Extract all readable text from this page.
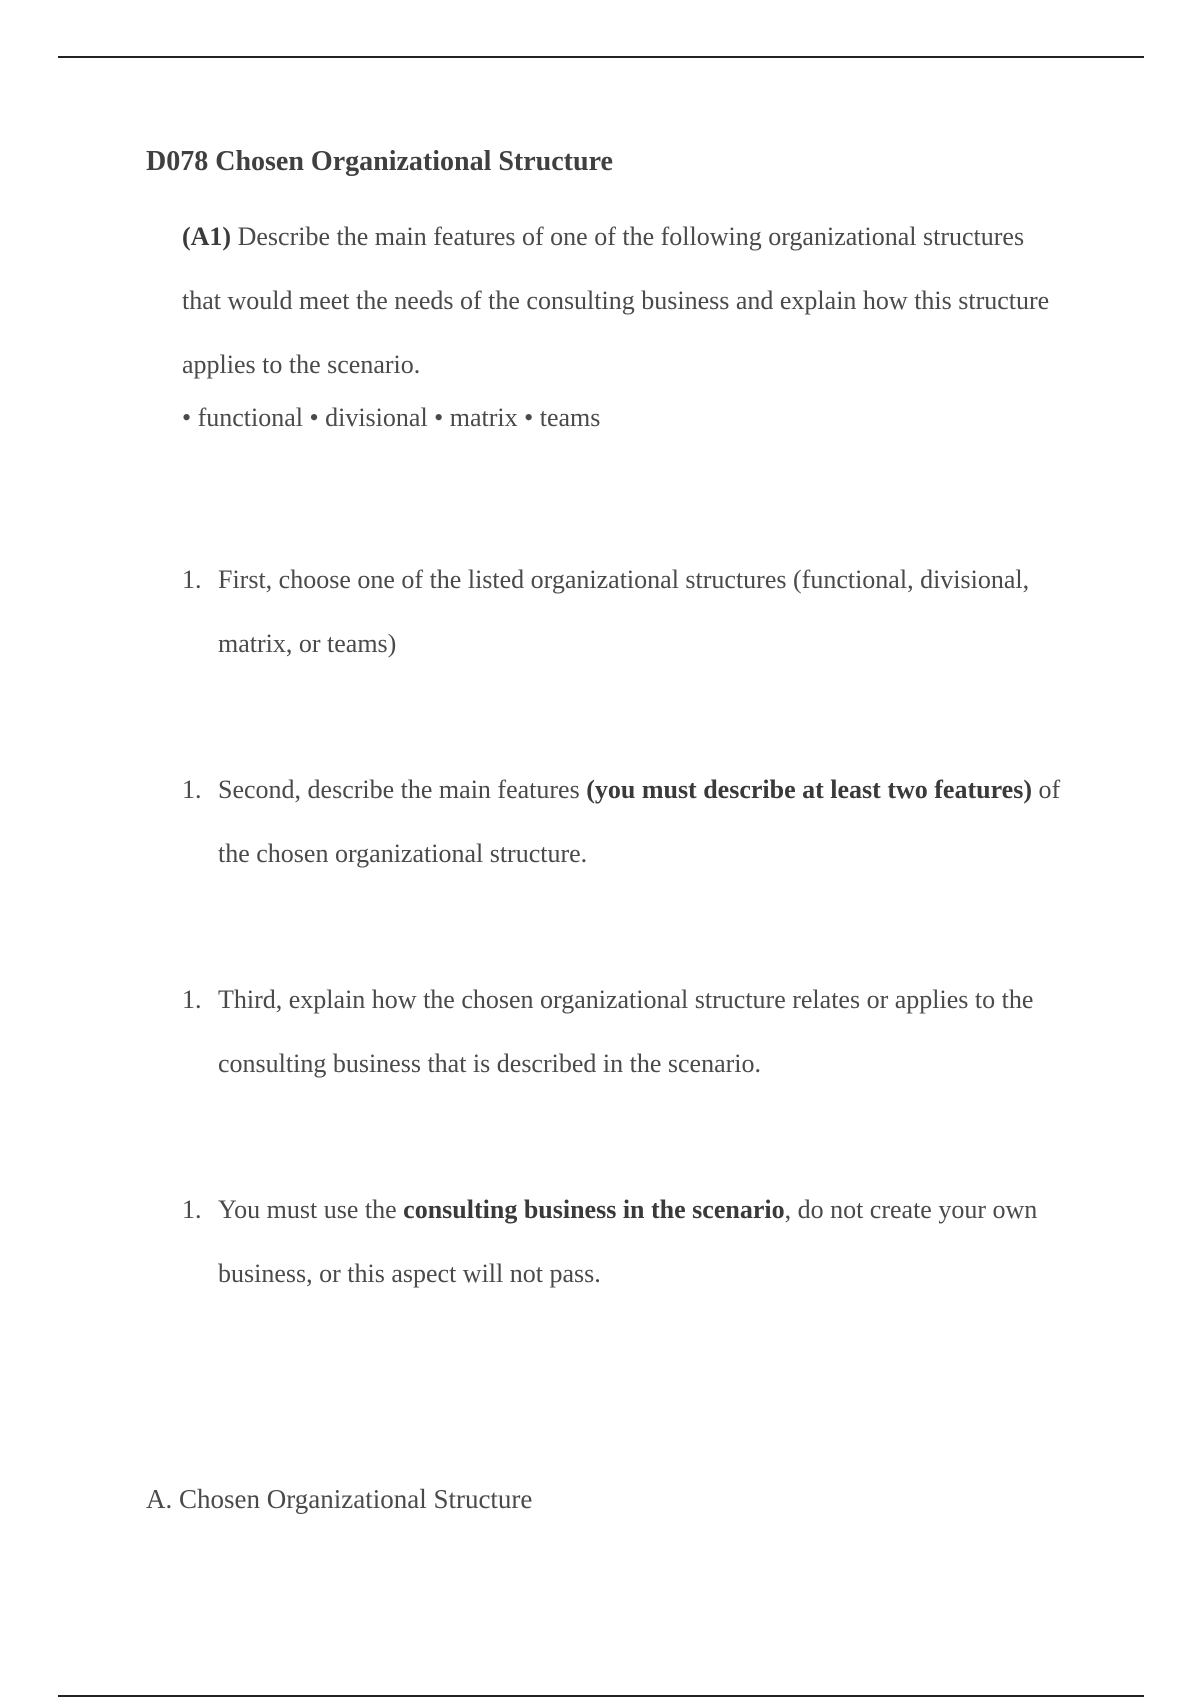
D078 Chosen Organizational Structure

(A1) Describe the main features of one of the following organizational structures that would meet the needs of the consulting business and explain how this structure applies to the scenario.

• functional • divisional • matrix • teams

1. First, choose one of the listed organizational structures (functional, divisional, matrix, or teams)
1. Second, describe the main features (you must describe at least two features) of the chosen organizational structure.
1. Third, explain how the chosen organizational structure relates or applies to the consulting business that is described in the scenario.
1. You must use the consulting business in the scenario, do not create your own business, or this aspect will not pass.
A. Chosen Organizational Structure
